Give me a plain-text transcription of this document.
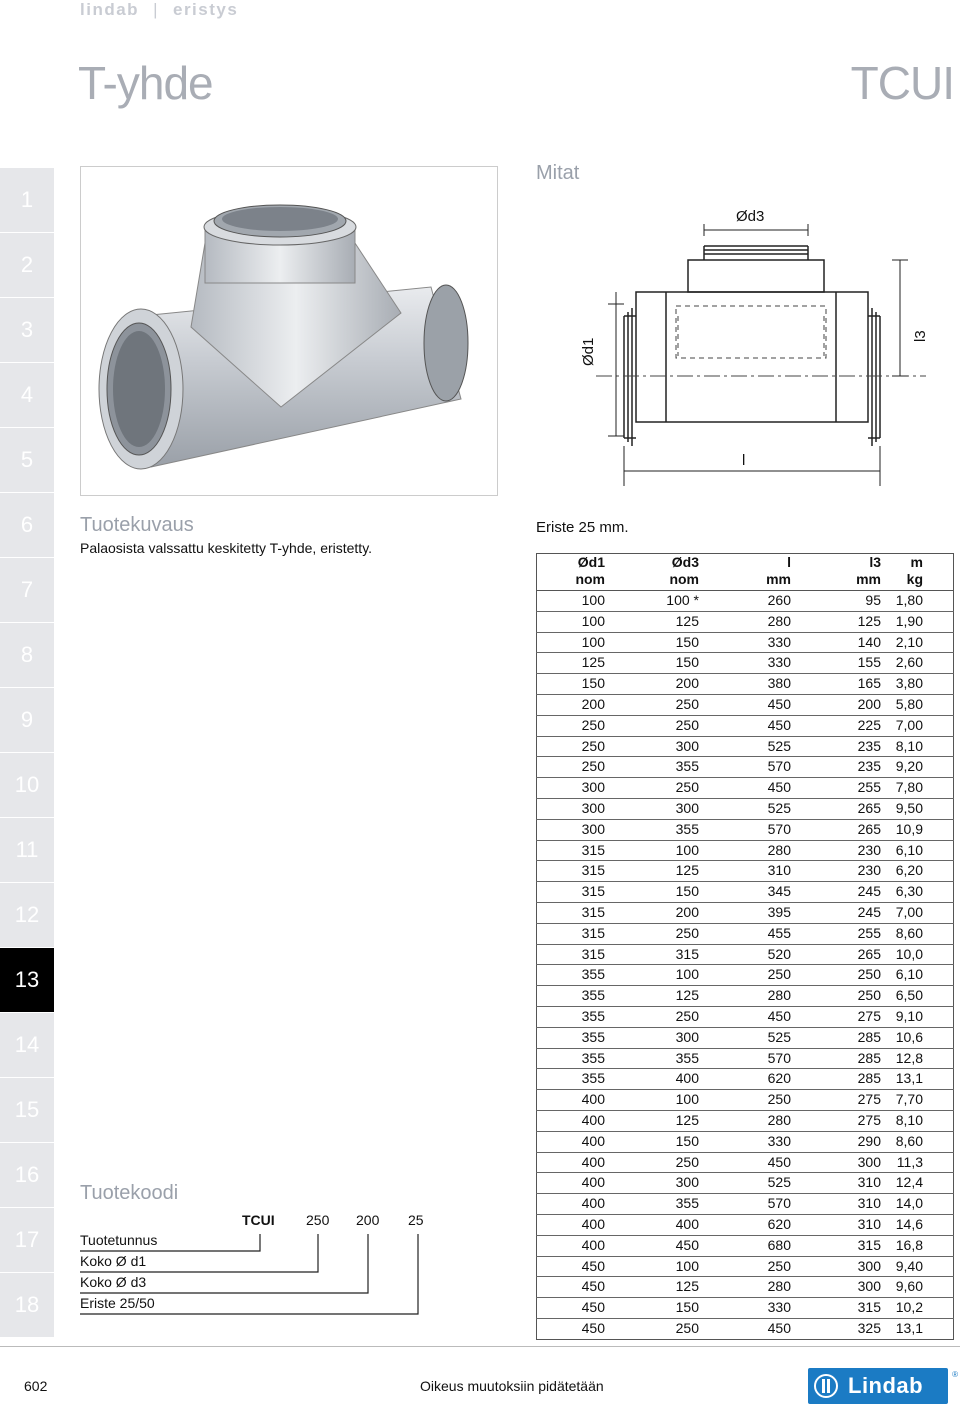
lindab | eristys
T-yhde	TCUI
1
2
3
4
5
6
7
8
9
10
11
12
13
14
15
16
17
18
Mitat
Ød3
Ød1
l3
l
Tuotekuvaus
Palaosista valssattu keskitetty T-yhde, eristetty.
Eriste 25 mm.
Ød1	Ød3	l	l3	m
nom	nom	mm	mm	kg
100	100 *	260	95	1,80
100	125	280	125	1,90
100	150	330	140	2,10
125	150	330	155	2,60
150	200	380	165	3,80
200	250	450	200	5,80
250	250	450	225	7,00
250	300	525	235	8,10
250	355	570	235	9,20
300	250	450	255	7,80
300	300	525	265	9,50
300	355	570	265	10,9
315	100	280	230	6,10
315	125	310	230	6,20
315	150	345	245	6,30
315	200	395	245	7,00
315	250	455	255	8,60
315	315	520	265	10,0
355	100	250	250	6,10
355	125	280	250	6,50
355	250	450	275	9,10
355	300	525	285	10,6
355	355	570	285	12,8
355	400	620	285	13,1
400	100	250	275	7,70
400	125	280	275	8,10
400	150	330	290	8,60
400	250	450	300	11,3
400	300	525	310	12,4
400	355	570	310	14,0
400	400	620	310	14,6
400	450	680	315	16,8
450	100	250	300	9,40
450	125	280	300	9,60
450	150	330	315	10,2
450	250	450	325	13,1
Tuotekoodi
TCUI 250 200 25
Tuotetunnus
Koko Ø d1
Koko Ø d3
Eriste 25/50
602	Oikeus muutoksiin pidätetään	Lindab	®
